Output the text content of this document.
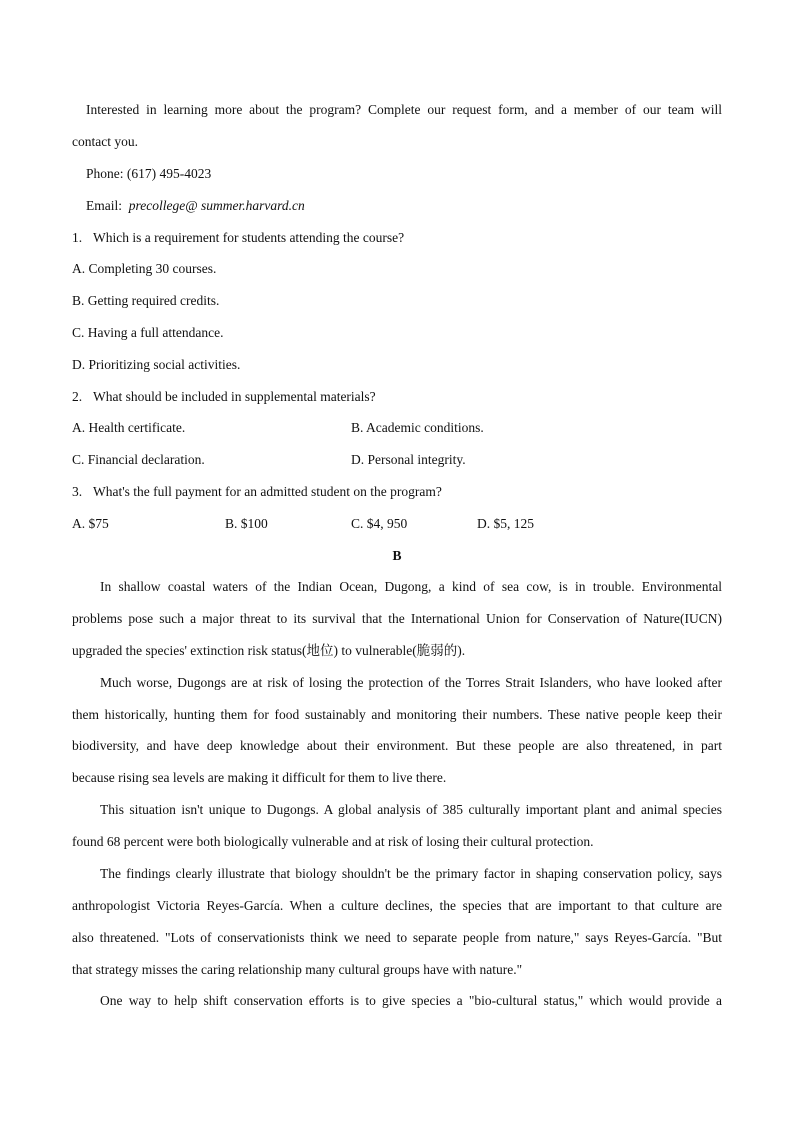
Interested in learning more about the program? Complete our request form, and a member of our team will
contact you.
Phone: (617) 495-4023
Email: precollege@ summer.harvard.cn
1. Which is a requirement for students attending the course?
A. Completing 30 courses.
B. Getting required credits.
C. Having a full attendance.
D. Prioritizing social activities.
2. What should be included in supplemental materials?
A. Health certificate.	B. Academic conditions.
C. Financial declaration.	D. Personal integrity.
3. What's the full payment for an admitted student on the program?
A. $75	B. $100	C. $4, 950	D. $5, 125
B
In shallow coastal waters of the Indian Ocean, Dugong, a kind of sea cow, is in trouble. Environmental
problems pose such a major threat to its survival that the International Union for Conservation of Nature(IUCN)
upgraded the species' extinction risk status(地位) to vulnerable(脆弱的).
Much worse, Dugongs are at risk of losing the protection of the Torres Strait Islanders, who have looked after
them historically, hunting them for food sustainably and monitoring their numbers. These native people keep their
biodiversity, and have deep knowledge about their environment. But these people are also threatened, in part
because rising sea levels are making it difficult for them to live there.
This situation isn't unique to Dugongs. A global analysis of 385 culturally important plant and animal species
found 68 percent were both biologically vulnerable and at risk of losing their cultural protection.
The findings clearly illustrate that biology shouldn't be the primary factor in shaping conservation policy, says
anthropologist Victoria Reyes-García. When a culture declines, the species that are important to that culture are
also threatened. "Lots of conservationists think we need to separate people from nature," says Reyes-García. "But
that strategy misses the caring relationship many cultural groups have with nature."
One way to help shift conservation efforts is to give species a "bio-cultural status," which would provide a
